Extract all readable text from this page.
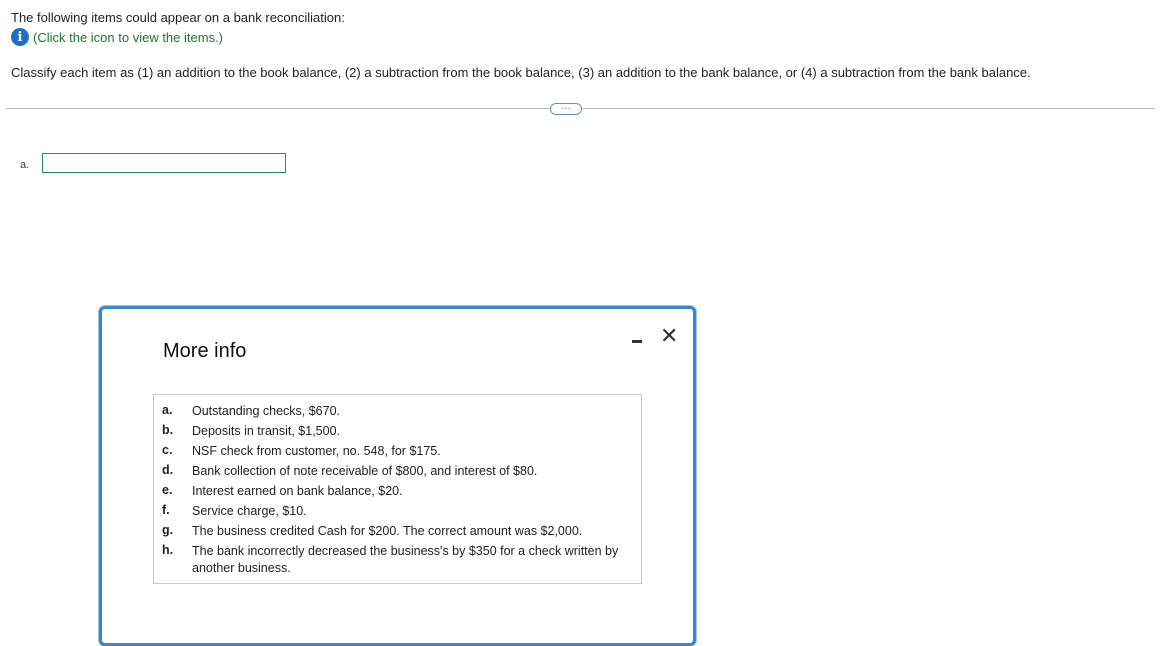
The following items could appear on a bank reconciliation:
i (Click the icon to view the items.)
Classify each item as (1) an addition to the book balance, (2) a subtraction from the book balance, (3) an addition to the bank balance, or (4) a subtraction from the bank balance.
…
a.
More info
✕
a.	Outstanding checks, $670.
b.	Deposits in transit, $1,500.
c.	NSF check from customer, no. 548, for $175.
d.	Bank collection of note receivable of $800, and interest of $80.
e.	Interest earned on bank balance, $20.
f.	Service charge, $10.
g.	The business credited Cash for $200. The correct amount was $2,000.
h.	The bank incorrectly decreased the business's by $350 for a check written by another business.
